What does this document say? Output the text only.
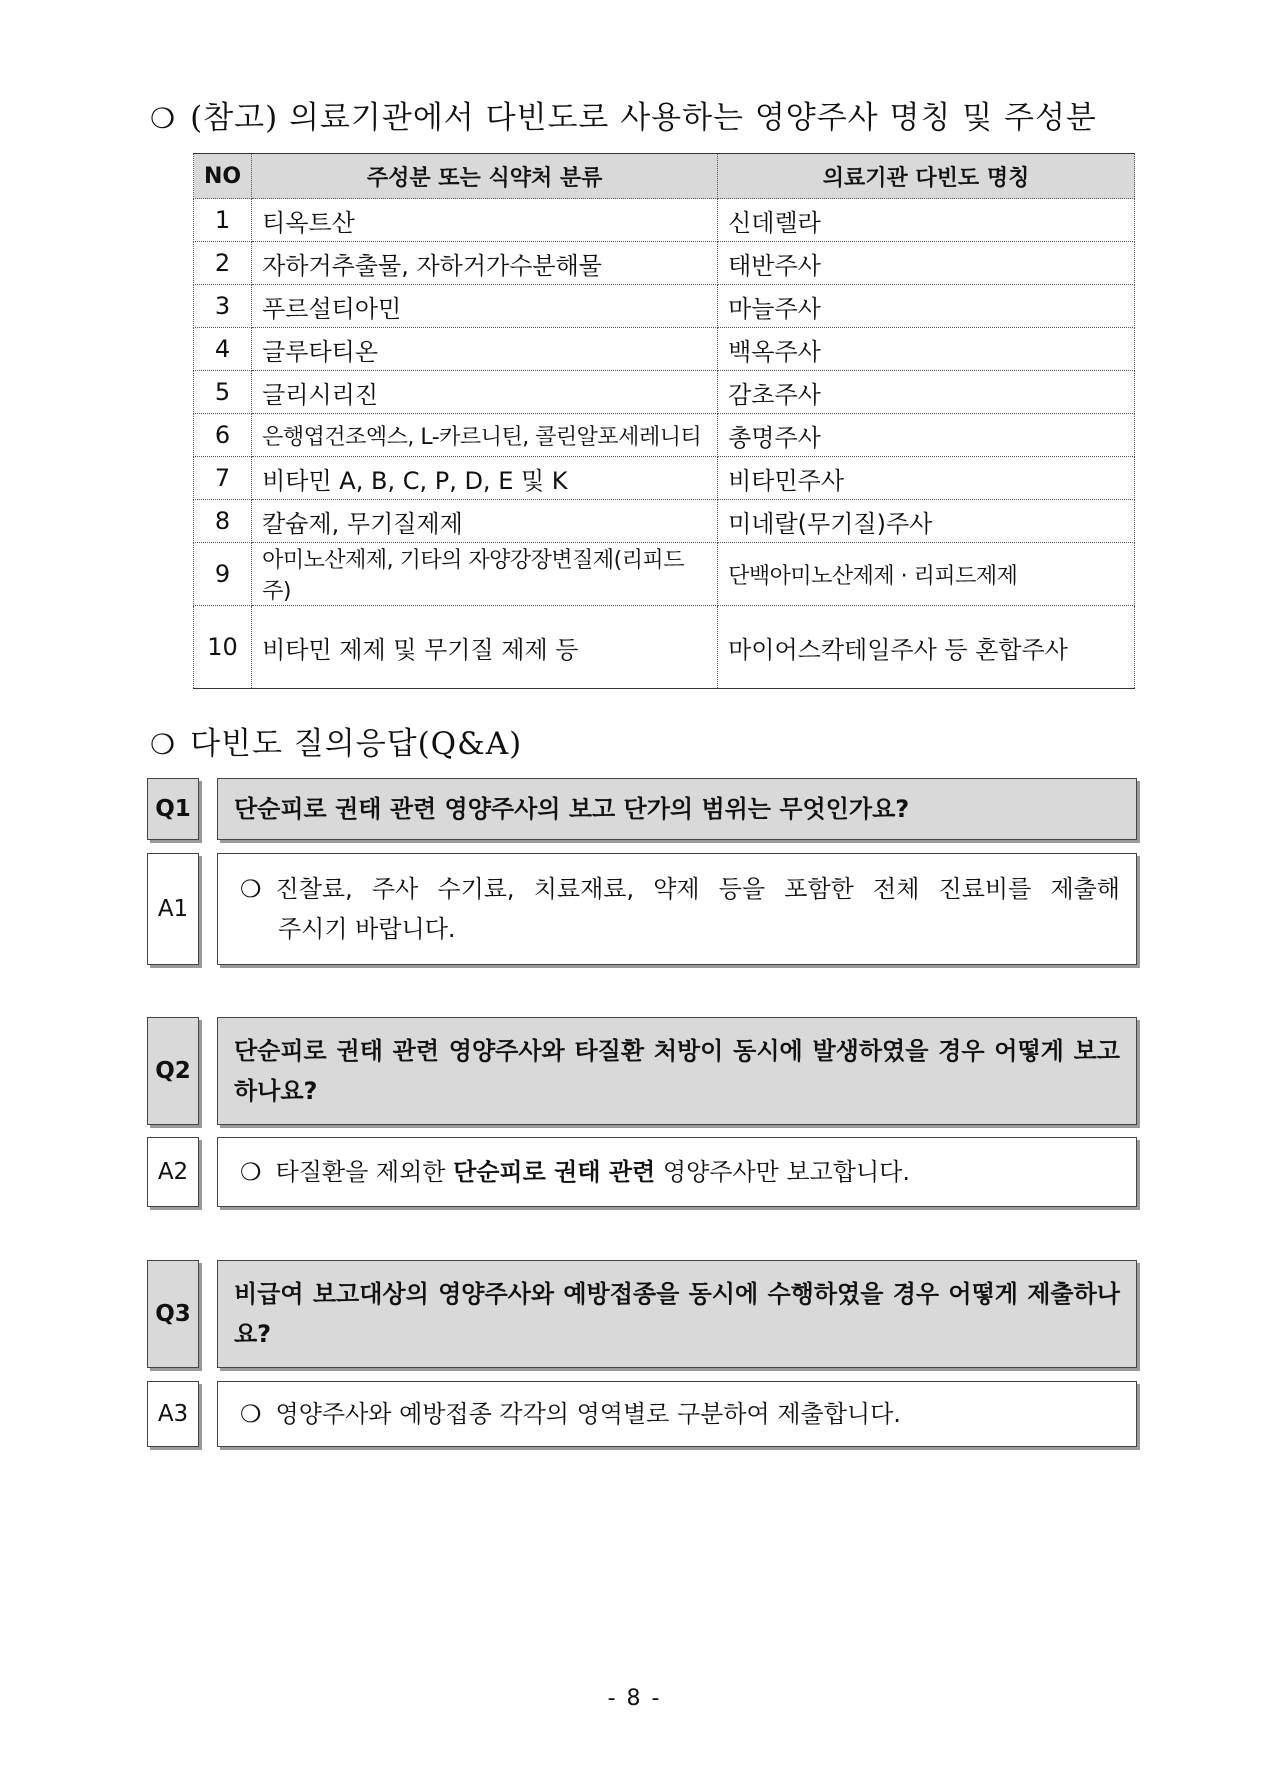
❍ (참고) 의료기관에서 다빈도로 사용하는 영양주사 명칭 및 주성분
NO	주성분 또는 식약처 분류	의료기관 다빈도 명칭
1	티옥트산	신데렐라
2	자하거추출물, 자하거가수분해물	태반주사
3	푸르설티아민	마늘주사
4	글루타티온	백옥주사
5	글리시리진	감초주사
6	은행엽건조엑스, L-카르니틴, 콜린알포세레니티	총명주사
7	비타민 A, B, C, P, D, E 및 K	비타민주사
8	칼슘제, 무기질제제	미네랄(무기질)주사
9	아미노산제제, 기타의 자양강장변질제(리피드주)	단백아미노산제제 · 리피드제제
10	비타민 제제 및 무기질 제제 등	마이어스칵테일주사 등 혼합주사
❍ 다빈도 질의응답(Q&A)
Q1	단순피로 권태 관련 영양주사의 보고 단가의 범위는 무엇인가요?
A1
❍ 진찰료, 주사 수기료, 치료재료, 약제 등을 포함한 전체 진료비를 제출해
주시기 바랍니다.
Q2
단순피로 권태 관련 영양주사와 타질환 처방이 동시에 발생하였을 경우 어떻게 보고하나요?
A2	❍ 타질환을 제외한 단순피로 권태 관련 영양주사만 보고합니다.
Q3
비급여 보고대상의 영양주사와 예방접종을 동시에 수행하였을 경우 어떻게 제출하나요?
A3	❍ 영양주사와 예방접종 각각의 영역별로 구분하여 제출합니다.
- 8 -
